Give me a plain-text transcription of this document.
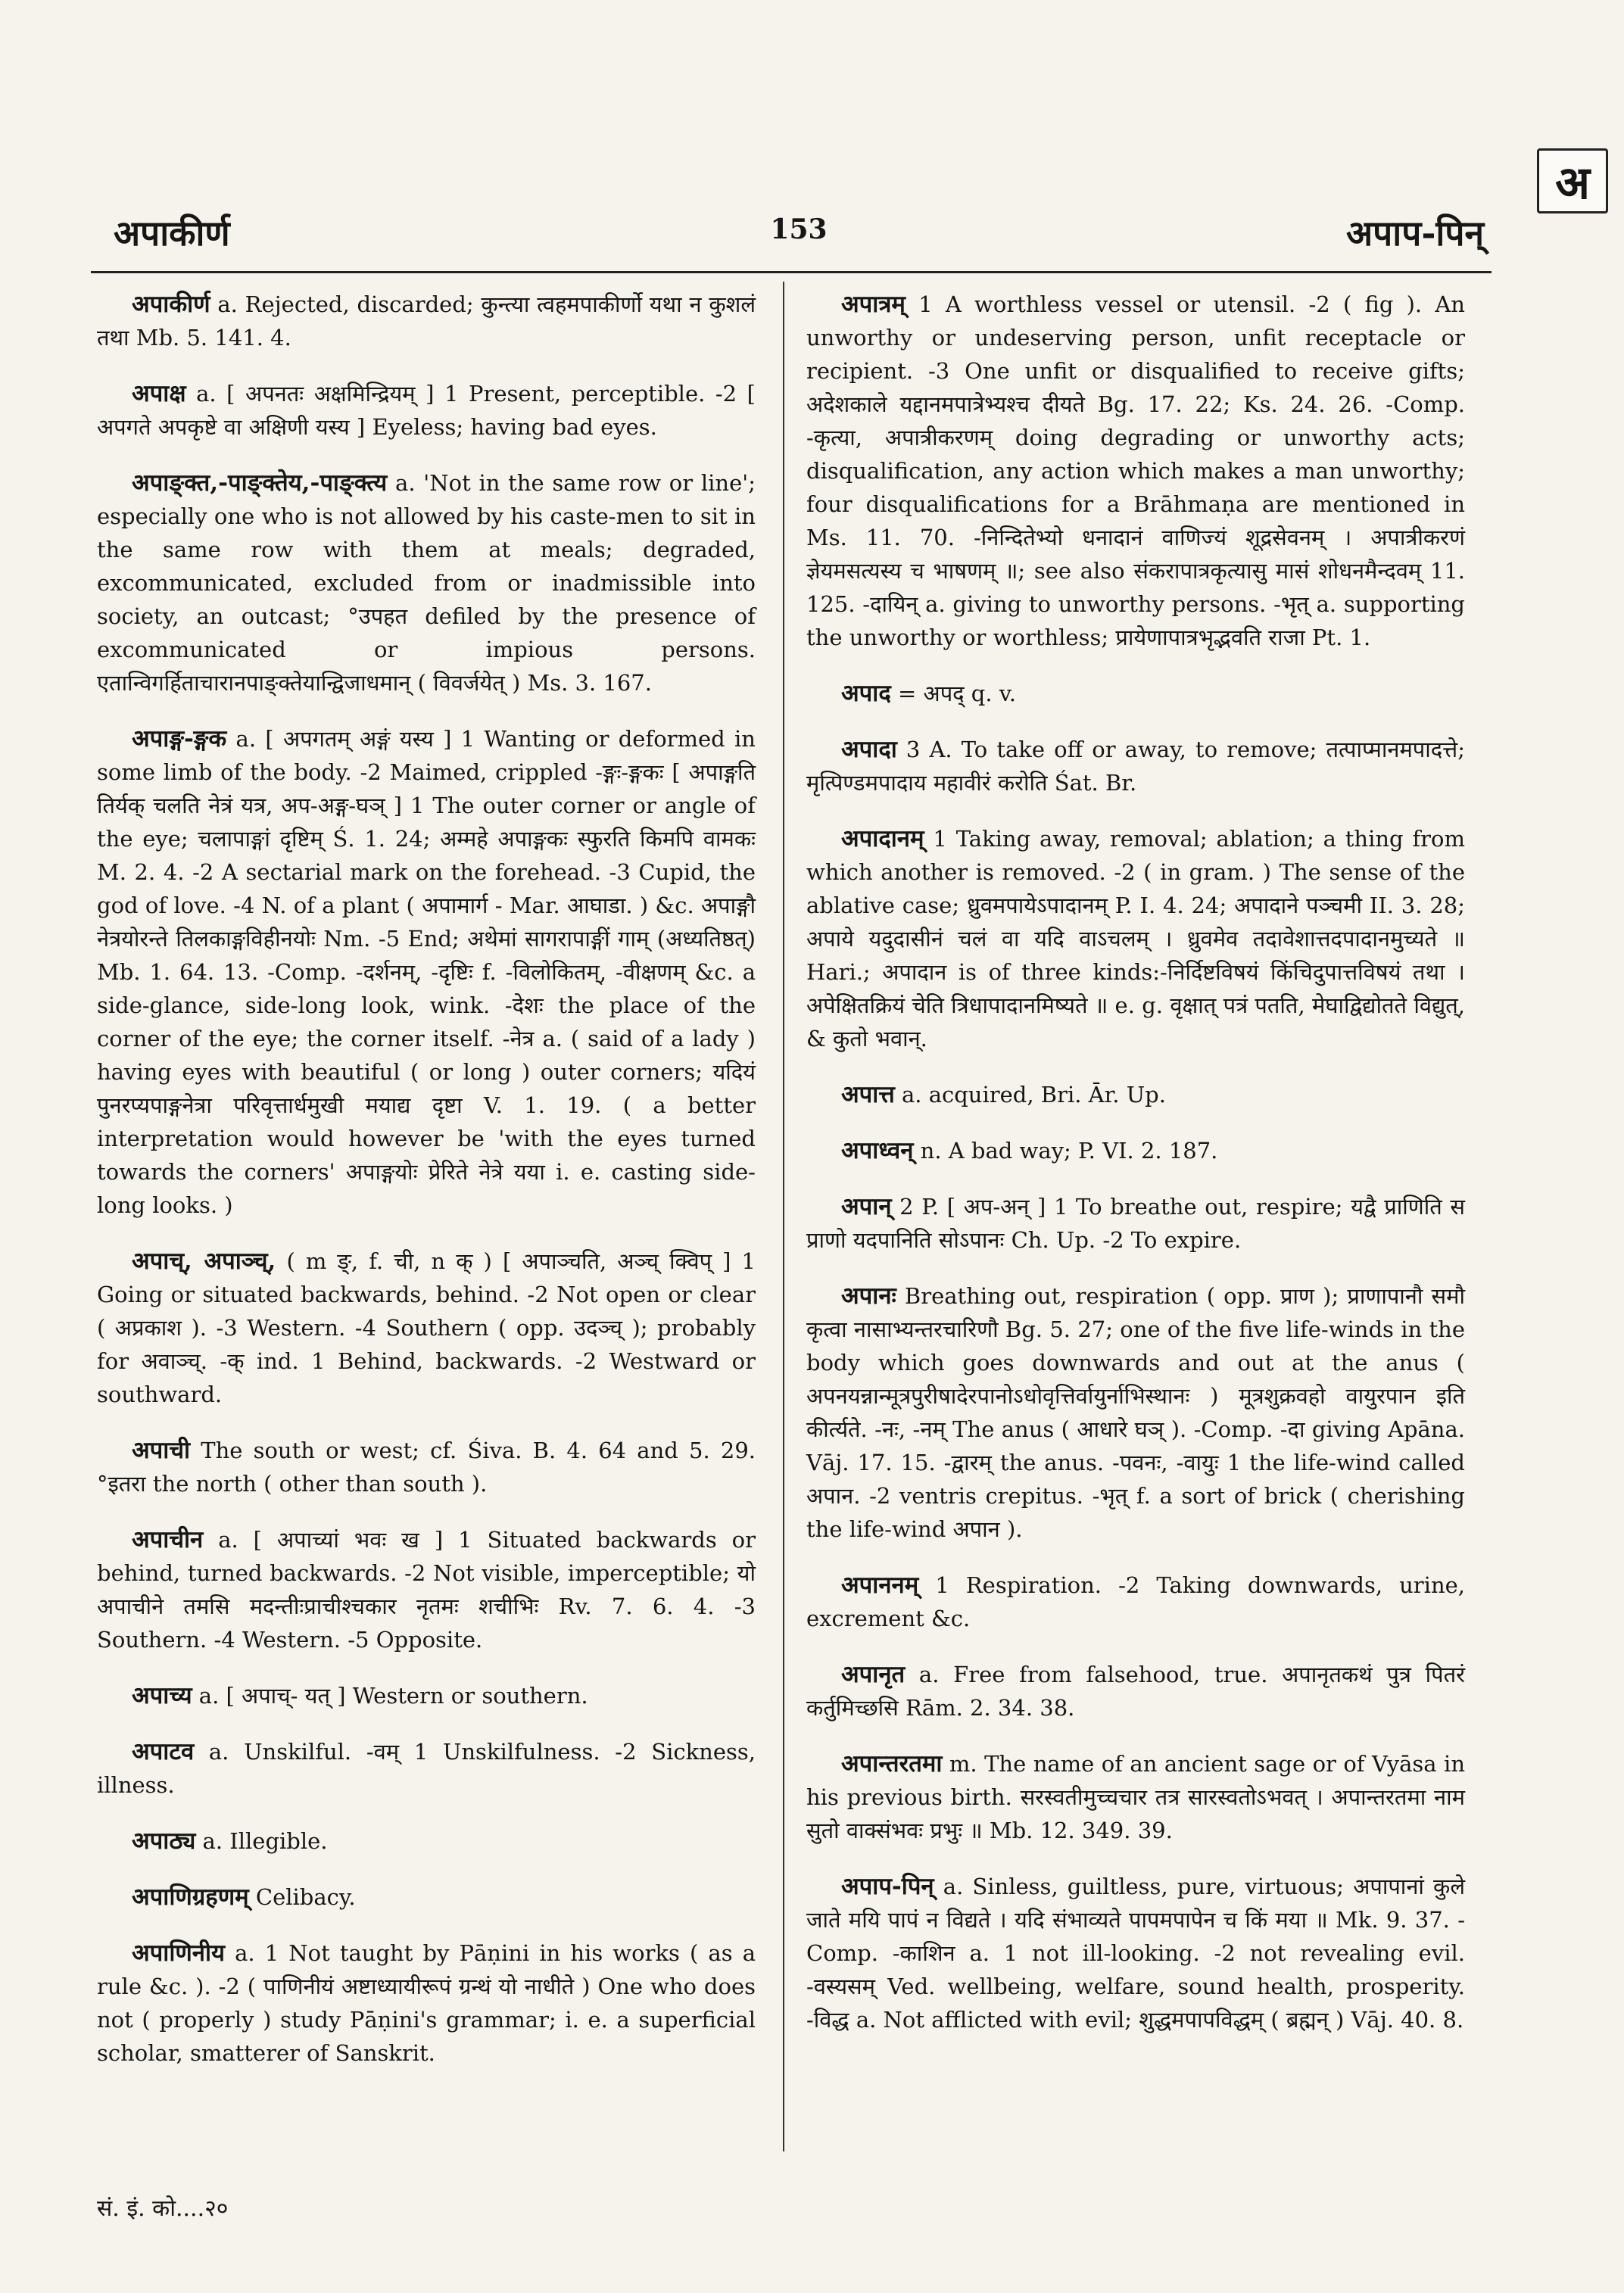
अ
अपाकीर्ण	153	अपाप-पिन्

अपाकीर्ण a. Rejected, discarded; कुन्त्या त्वहमपाकीर्णो यथा न कुशलं तथा Mb. 5. 141. 4.

अपाक्ष a. [ अपनतः अक्षमिन्द्रियम् ] 1 Present, perceptible. -2 [ अपगते अपकृष्टे वा अक्षिणी यस्य ] Eyeless; having bad eyes.

अपाङ्क्त,-पाङ्क्तेय,-पाङ्क्त्य a. 'Not in the same row or line'; especially one who is not allowed by his caste-men to sit in the same row with them at meals; degraded, excommunicated, excluded from or inadmissible into society, an outcast; °उपहत defiled by the presence of excommunicated or impious persons. एतान्विगर्हिताचारानपाङ्क्तेयान्द्विजाधमान् ( विवर्जयेत् ) Ms. 3. 167.

अपाङ्ग-ङ्गक a. [ अपगतम् अङ्गं यस्य ] 1 Wanting or deformed in some limb of the body. -2 Maimed, crippled -ङ्गः-ङ्गकः [ अपाङ्गति तिर्यक् चलति नेत्रं यत्र, अप-अङ्ग-घञ् ] 1 The outer corner or angle of the eye; चलापाङ्गां दृष्टिम् Ś. 1. 24; अम्महे अपाङ्गकः स्फुरति किमपि वामकः M. 2. 4. -2 A sectarial mark on the forehead. -3 Cupid, the god of love. -4 N. of a plant ( अपामार्ग - Mar. आघाडा. ) &c. अपाङ्गौ नेत्रयोरन्ते तिलकाङ्गविहीनयोः Nm. -5 End; अथेमां सागरापाङ्गीं गाम् (अध्यतिष्ठत्) Mb. 1. 64. 13. -Comp. -दर्शनम्, -दृष्टिः f. -विलोकितम्, -वीक्षणम् &c. a side-glance, side-long look, wink. -देशः the place of the corner of the eye; the corner itself. -नेत्र a. ( said of a lady ) having eyes with beautiful ( or long ) outer corners; यदियं पुनरप्यपाङ्गनेत्रा परिवृत्तार्धमुखी मयाद्य दृष्टा V. 1. 19. ( a better interpretation would however be 'with the eyes turned towards the corners' अपाङ्गयोः प्रेरिते नेत्रे यया i. e. casting side-long looks. )

अपाच्, अपाञ्च्, ( m ङ्, f. ची, n क् ) [ अपाञ्चति, अञ्च् क्विप् ] 1 Going or situated backwards, behind. -2 Not open or clear ( अप्रकाश ). -3 Western. -4 Southern ( opp. उदञ्च् ); probably for अवाञ्च्. -क् ind. 1 Behind, backwards. -2 Westward or southward.

अपाची The south or west; cf. Śiva. B. 4. 64 and 5. 29. °इतरा the north ( other than south ).

अपाचीन a. [ अपाच्यां भवः ख ] 1 Situated backwards or behind, turned backwards. -2 Not visible, imperceptible; यो अपाचीने तमसि मदन्तीःप्राचीश्चकार नृतमः शचीभिः Rv. 7. 6. 4. -3 Southern. -4 Western. -5 Opposite.

अपाच्य a. [ अपाच्- यत् ] Western or southern.

अपाटव a. Unskilful. -वम् 1 Unskilfulness. -2 Sickness, illness.

अपाठ्य a. Illegible.

अपाणिग्रहणम् Celibacy.

अपाणिनीय a. 1 Not taught by Pāṇini in his works ( as a rule &c. ). -2 ( पाणिनीयं अष्टाध्यायीरूपं ग्रन्थं यो नाधीते ) One who does not ( properly ) study Pāṇini's grammar; i. e. a superficial scholar, smatterer of Sanskrit.

अपात्रम् 1 A worthless vessel or utensil. -2 ( fig ). An unworthy or undeserving person, unfit receptacle or recipient. -3 One unfit or disqualified to receive gifts; अदेशकाले यद्दानमपात्रेभ्यश्च दीयते Bg. 17. 22; Ks. 24. 26. -Comp. -कृत्या, अपात्रीकरणम् doing degrading or unworthy acts; disqualification, any action which makes a man unworthy; four disqualifications for a Brāhmaṇa are mentioned in Ms. 11. 70. -निन्दितेभ्यो धनादानं वाणिज्यं शूद्रसेवनम् । अपात्रीकरणं ज्ञेयमसत्यस्य च भाषणम् ॥; see also संकरापात्रकृत्यासु मासं शोधनमैन्दवम् 11. 125. -दायिन् a. giving to unworthy persons. -भृत् a. supporting the unworthy or worthless; प्रायेणापात्रभृद्भवति राजा Pt. 1.

अपाद = अपद् q. v.

अपादा 3 A. To take off or away, to remove; तत्पाप्मानमपादत्ते; मृत्पिण्डमपादाय महावीरं करोति Śat. Br.

अपादानम् 1 Taking away, removal; ablation; a thing from which another is removed. -2 ( in gram. ) The sense of the ablative case; ध्रुवमपायेऽपादानम् P. I. 4. 24; अपादाने पञ्चमी II. 3. 28; अपाये यदुदासीनं चलं वा यदि वाऽचलम् । ध्रुवमेव तदावेशात्तदपादानमुच्यते ॥ Hari.; अपादान is of three kinds:-निर्दिष्टविषयं किंचिदुपात्तविषयं तथा । अपेक्षितक्रियं चेति त्रिधापादानमिष्यते ॥ e. g. वृक्षात् पत्रं पतति, मेघाद्विद्योतते विद्युत्, & कुतो भवान्.

अपात्त a. acquired, Bri. Ār. Up.

अपाध्वन् n. A bad way; P. VI. 2. 187.

अपान् 2 P. [ अप-अन् ] 1 To breathe out, respire; यद्वै प्राणिति स प्राणो यदपानिति सोऽपानः Ch. Up. -2 To expire.

अपानः Breathing out, respiration ( opp. प्राण ); प्राणापानौ समौ कृत्वा नासाभ्यन्तरचारिणौ Bg. 5. 27; one of the five life-winds in the body which goes downwards and out at the anus ( अपनयन्नान्मूत्रपुरीषादेरपानोऽधोवृत्तिर्वायुर्नाभिस्थानः ) मूत्रशुक्रवहो वायुरपान इति कीर्त्यते. -नः, -नम् The anus ( आधारे घञ् ). -Comp. -दा giving Apāna. Vāj. 17. 15. -द्वारम् the anus. -पवनः, -वायुः 1 the life-wind called अपान. -2 ventris crepitus. -भृत् f. a sort of brick ( cherishing the life-wind अपान ).

अपाननम् 1 Respiration. -2 Taking downwards, urine, excrement &c.

अपानृत a. Free from falsehood, true. अपानृतकथं पुत्र पितरं कर्तुमिच्छसि Rām. 2. 34. 38.

अपान्तरतमा m. The name of an ancient sage or of Vyāsa in his previous birth. सरस्वतीमुच्चचार तत्र सारस्वतोऽभवत् । अपान्तरतमा नाम सुतो वाक्संभवः प्रभुः ॥ Mb. 12. 349. 39.

अपाप-पिन् a. Sinless, guiltless, pure, virtuous; अपापानां कुले जाते मयि पापं न विद्यते । यदि संभाव्यते पापमपापेन च किं मया ॥ Mk. 9. 37. -Comp. -काशिन a. 1 not ill-looking. -2 not revealing evil. -वस्यसम् Ved. wellbeing, welfare, sound health, prosperity. -विद्ध a. Not afflicted with evil; शुद्धमपापविद्धम् ( ब्रह्मन् ) Vāj. 40. 8.

सं. इं. को....२०
